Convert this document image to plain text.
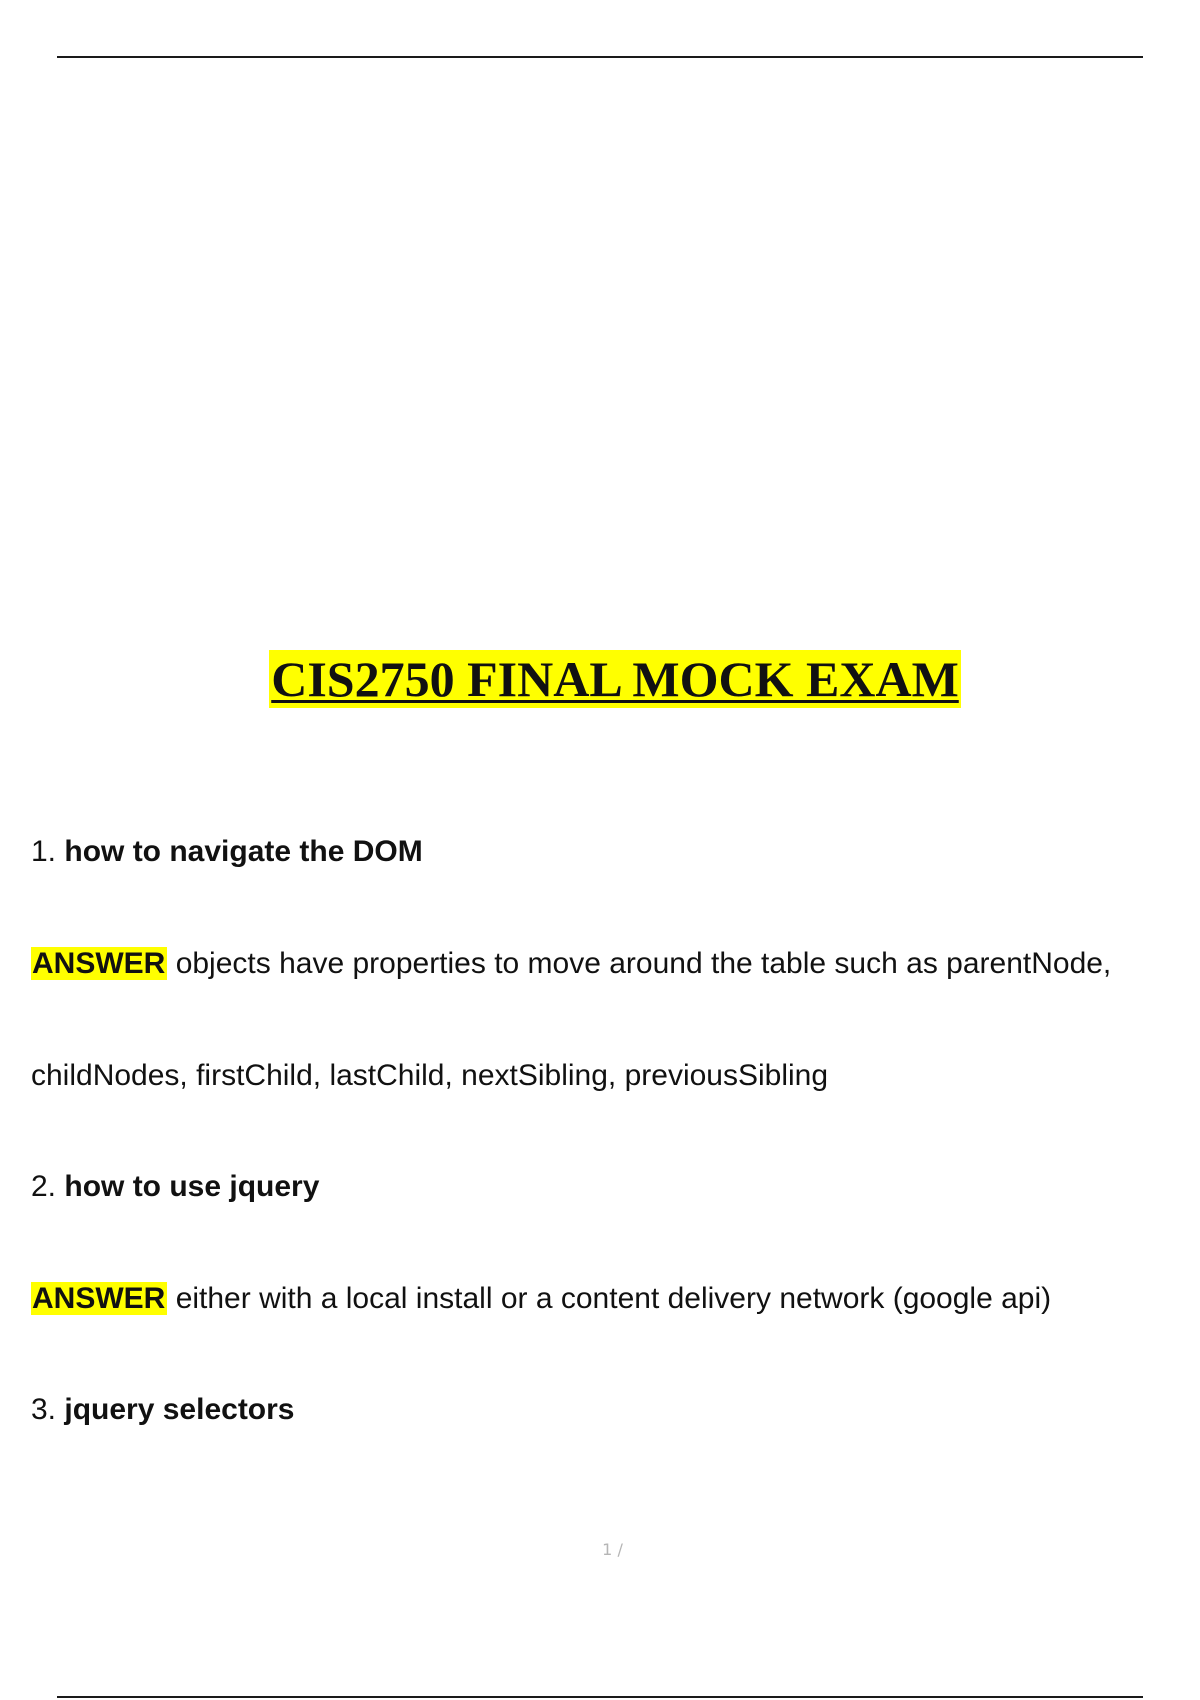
CIS2750 FINAL MOCK EXAM
1. how to navigate the DOM
ANSWER objects have properties to move around the table such as parentNode,
childNodes, firstChild, lastChild, nextSibling, previousSibling
2. how to use jquery
ANSWER either with a local install or a content delivery network (google api)
3. jquery selectors
1 /
